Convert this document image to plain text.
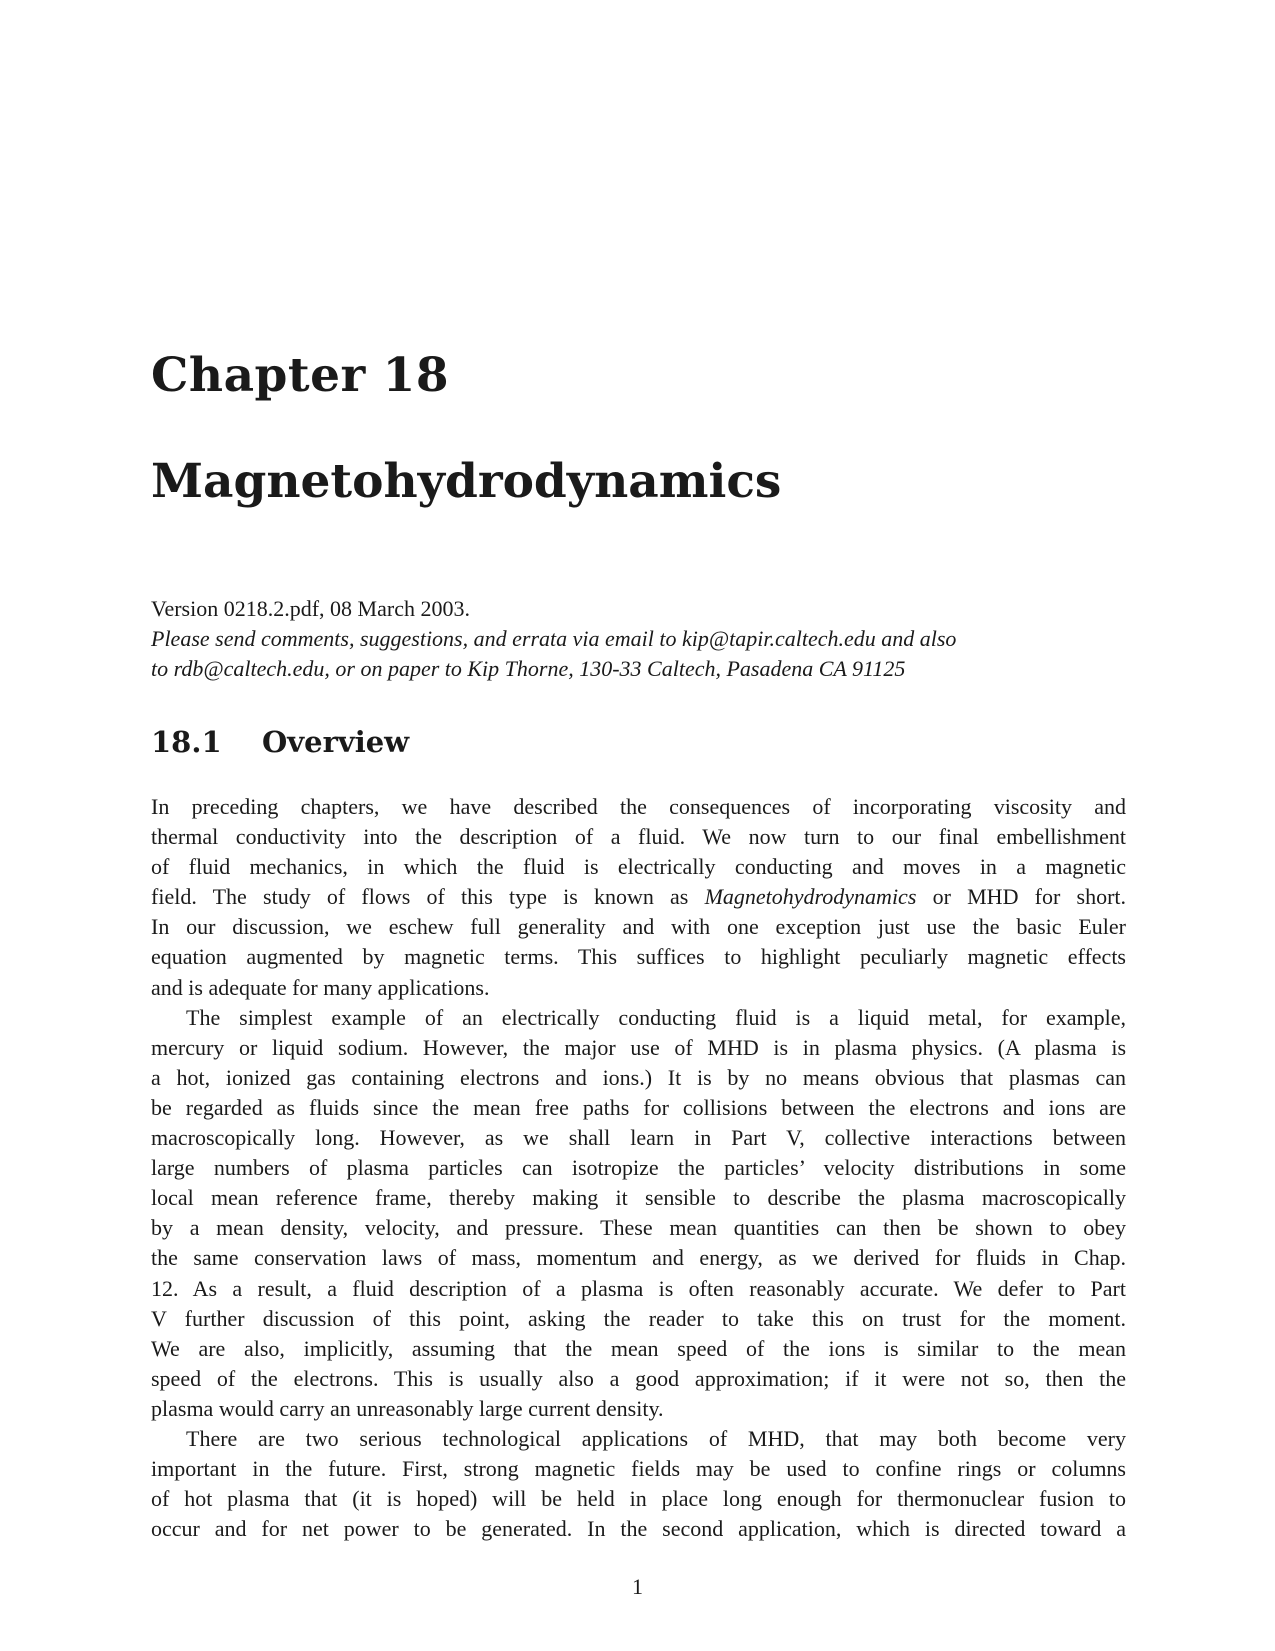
Chapter 18
Magnetohydrodynamics
Version 0218.2.pdf, 08 March 2003.
Please send comments, suggestions, and errata via email to kip@tapir.caltech.edu and also
to rdb@caltech.edu, or on paper to Kip Thorne, 130-33 Caltech, Pasadena CA 91125
18.1 Overview
In preceding chapters, we have described the consequences of incorporating viscosity and
thermal conductivity into the description of a fluid. We now turn to our final embellishment
of fluid mechanics, in which the fluid is electrically conducting and moves in a magnetic
field. The study of flows of this type is known as Magnetohydrodynamics or MHD for short.
In our discussion, we eschew full generality and with one exception just use the basic Euler
equation augmented by magnetic terms. This suffices to highlight peculiarly magnetic effects
and is adequate for many applications.
The simplest example of an electrically conducting fluid is a liquid metal, for example,
mercury or liquid sodium. However, the major use of MHD is in plasma physics. (A plasma is
a hot, ionized gas containing electrons and ions.) It is by no means obvious that plasmas can
be regarded as fluids since the mean free paths for collisions between the electrons and ions are
macroscopically long. However, as we shall learn in Part V, collective interactions between
large numbers of plasma particles can isotropize the particles’ velocity distributions in some
local mean reference frame, thereby making it sensible to describe the plasma macroscopically
by a mean density, velocity, and pressure. These mean quantities can then be shown to obey
the same conservation laws of mass, momentum and energy, as we derived for fluids in Chap.
12. As a result, a fluid description of a plasma is often reasonably accurate. We defer to Part
V further discussion of this point, asking the reader to take this on trust for the moment.
We are also, implicitly, assuming that the mean speed of the ions is similar to the mean
speed of the electrons. This is usually also a good approximation; if it were not so, then the
plasma would carry an unreasonably large current density.
There are two serious technological applications of MHD, that may both become very
important in the future. First, strong magnetic fields may be used to confine rings or columns
of hot plasma that (it is hoped) will be held in place long enough for thermonuclear fusion to
occur and for net power to be generated. In the second application, which is directed toward a
1
